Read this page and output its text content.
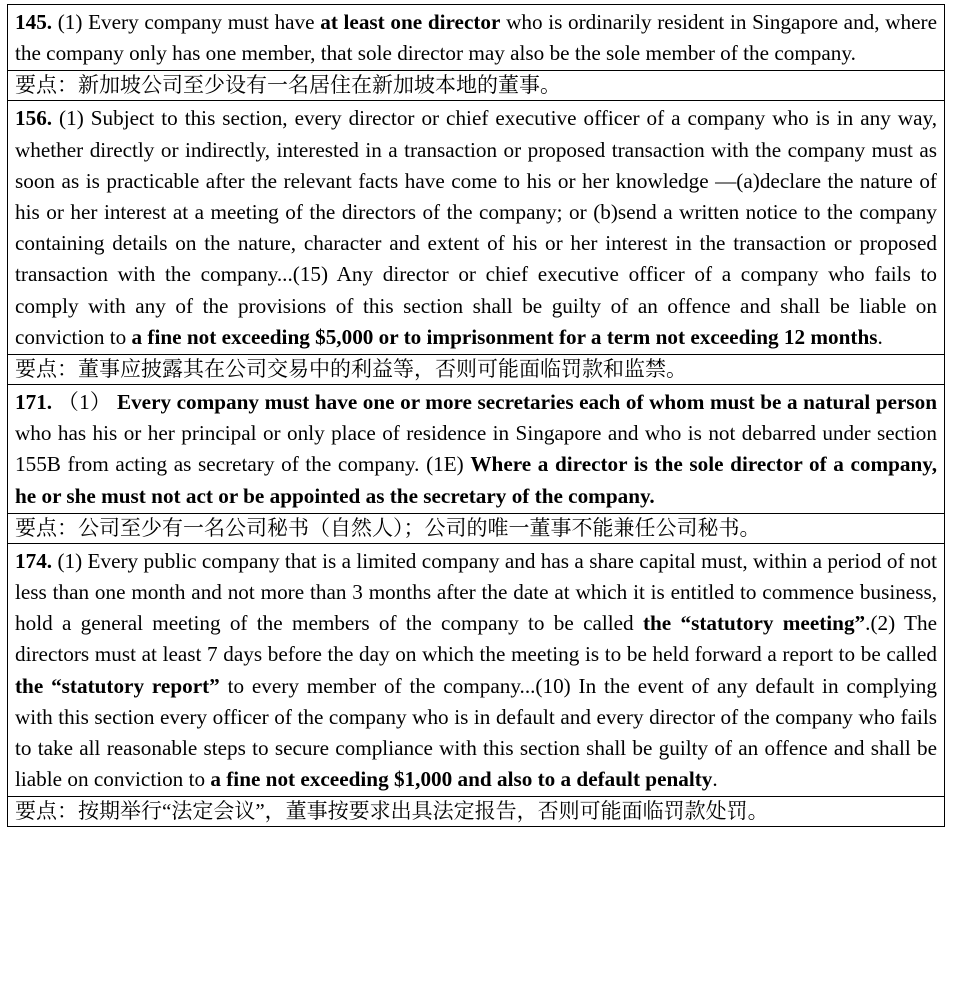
145. (1) Every company must have at least one director who is ordinarily resident in Singapore and, where the company only has one member, that sole director may also be the sole member of the company.
要点：新加坡公司至少设有一名居住在新加坡本地的董事。
156. (1) Subject to this section, every director or chief executive officer of a company who is in any way, whether directly or indirectly, interested in a transaction or proposed transaction with the company must as soon as is practicable after the relevant facts have come to his or her knowledge —(a)declare the nature of his or her interest at a meeting of the directors of the company; or (b)send a written notice to the company containing details on the nature, character and extent of his or her interest in the transaction or proposed transaction with the company...(15) Any director or chief executive officer of a company who fails to comply with any of the provisions of this section shall be guilty of an offence and shall be liable on conviction to a fine not exceeding $5,000 or to imprisonment for a term not exceeding 12 months.
要点：董事应披露其在公司交易中的利益等，否则可能面临罚款和监禁。
171. （1） Every company must have one or more secretaries each of whom must be a natural person who has his or her principal or only place of residence in Singapore and who is not debarred under section 155B from acting as secretary of the company. (1E) Where a director is the sole director of a company, he or she must not act or be appointed as the secretary of the company.
要点：公司至少有一名公司秘书（自然人）；公司的唯一董事不能兼任公司秘书。
174. (1) Every public company that is a limited company and has a share capital must, within a period of not less than one month and not more than 3 months after the date at which it is entitled to commence business, hold a general meeting of the members of the company to be called the “statutory meeting”.(2) The directors must at least 7 days before the day on which the meeting is to be held forward a report to be called the “statutory report” to every member of the company...(10) In the event of any default in complying with this section every officer of the company who is in default and every director of the company who fails to take all reasonable steps to secure compliance with this section shall be guilty of an offence and shall be liable on conviction to a fine not exceeding $1,000 and also to a default penalty.
要点：按期举行“法定会议”，董事按要求出具法定报告，否则可能面临罚款处罚。
